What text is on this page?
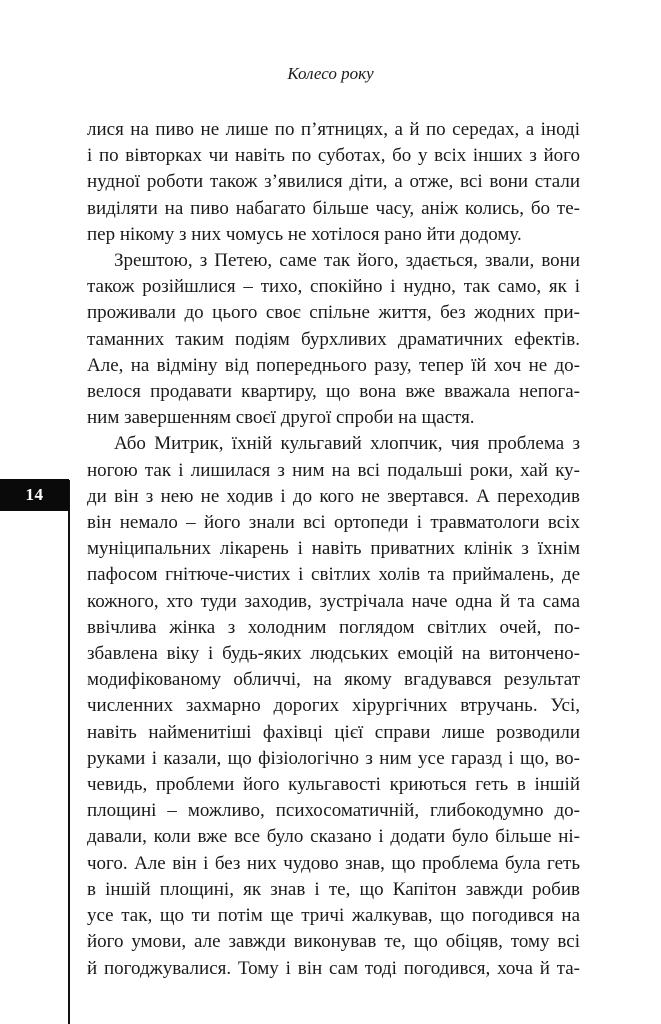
Колесо року
14
лися на пиво не лише по п’ятницях, а й по середах, а іноді
і по вівторках чи навіть по суботах, бо у всіх інших з його
нудної роботи також з’явилися діти, а отже, всі вони стали
виділяти на пиво набагато більше часу, аніж колись, бо те-
пер нікому з них чомусь не хотілося рано йти додому.
Зрештою, з Петею, саме так його, здається, звали, вони
також розійшлися – тихо, спокійно і нудно, так само, як і
проживали до цього своє спільне життя, без жодних при-
таманних таким подіям бурхливих драматичних ефектів.
Але, на відміну від попереднього разу, тепер їй хоч не до-
велося продавати квартиру, що вона вже вважала непога-
ним завершенням своєї другої спроби на щастя.
Або Митрик, їхній кульгавий хлопчик, чия проблема з
ногою так і лишилася з ним на всі подальші роки, хай ку-
ди він з нею не ходив і до кого не звертався. А переходив
він немало – його знали всі ортопеди і травматологи всіх
муніципальних лікарень і навіть приватних клінік з їхнім
пафосом гнітюче-чистих і світлих холів та приймалень, де
кожного, хто туди заходив, зустрічала наче одна й та сама
ввічлива жінка з холодним поглядом світлих очей, по-
збавлена віку і будь-яких людських емоцій на витончено-
модифікованому обличчі, на якому вгадувався результат
численних захмарно дорогих хірургічних втручань. Усі,
навіть найменитіші фахівці цієї справи лише розводили
руками і казали, що фізіологічно з ним усе гаразд і що, во-
чевидь, проблеми його кульгавості криються геть в іншій
площині – можливо, психосоматичній, глибокодумно до-
давали, коли вже все було сказано і додати було більше ні-
чого. Але він і без них чудово знав, що проблема була геть
в іншій площині, як знав і те, що Капітон завжди робив
усе так, що ти потім ще тричі жалкував, що погодився на
його умови, але завжди виконував те, що обіцяв, тому всі
й погоджувалися. Тому і він сам тоді погодився, хоча й та-
